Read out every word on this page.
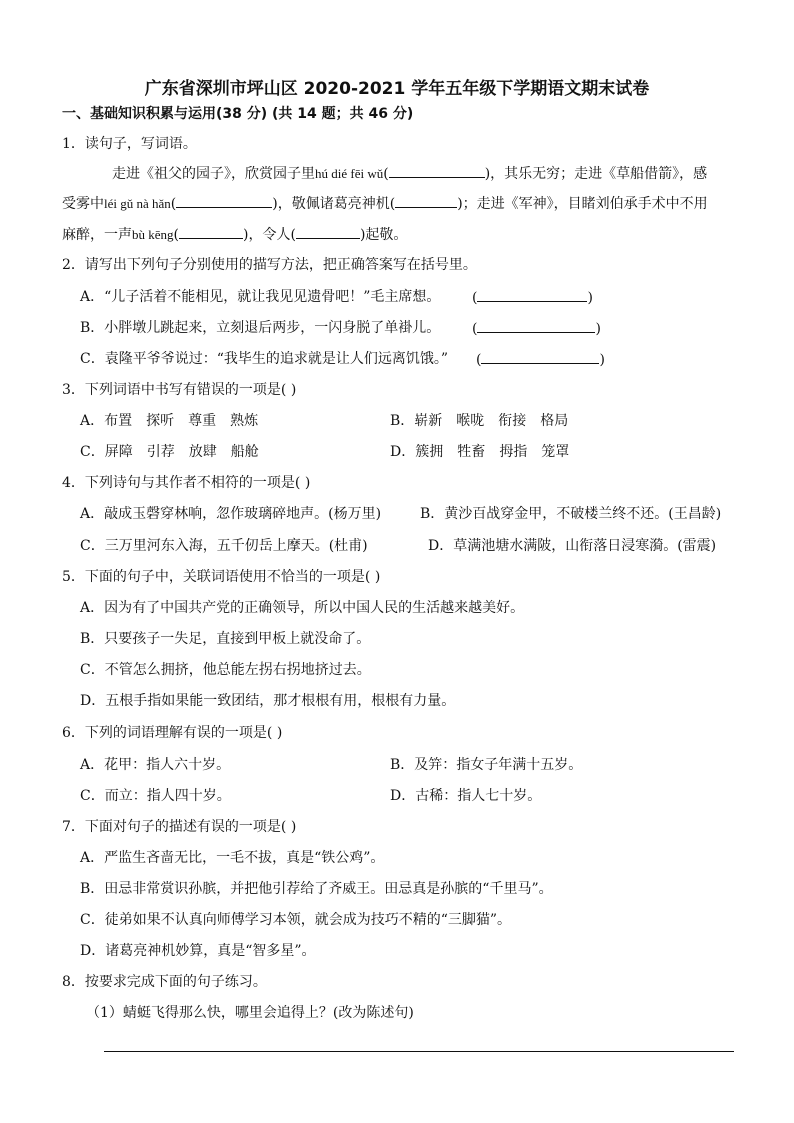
广东省深圳市坪山区 2020-2021 学年五年级下学期语文期末试卷
一、基础知识积累与运用(38 分) (共 14 题；共 46 分)
1．读句子，写词语。
走进《祖父的园子》，欣赏园子里hú dié fēi wǔ(	)，其乐无穷；走进《草船借箭》，感
受雾中léi gǔ nà hǎn(	)，敬佩诸葛亮神机(	)；走进《军神》，目睹刘伯承手术中不用
麻醉，一声bù kēng(	)，令人(	)起敬。
2．请写出下列句子分别使用的描写方法，把正确答案写在括号里。
A．“儿子活着不能相见，就让我见见遗骨吧！”毛主席想。 (	)
B．小胖墩儿跳起来，立刻退后两步，一闪身脱了单褂儿。 (	)
C．袁隆平爷爷说过：“我毕生的追求就是让人们远离饥饿。” (	)
3．下列词语中书写有错误的一项是( )
A．布置　探听　尊重　熟炼	B．崭新　喉咙　衔接　格局
C．屏障　引荐　放肆　船舱	D．簇拥　牲畜　拇指　笼罩
4．下列诗句与其作者不相符的一项是( )
A．敲成玉磬穿林响，忽作玻璃碎地声。(杨万里)	B．黄沙百战穿金甲，不破楼兰终不还。(王昌龄)
C．三万里河东入海，五千仞岳上摩天。(杜甫)	D．草满池塘水满陂，山衔落日浸寒漪。(雷震)
5．下面的句子中，关联词语使用不恰当的一项是( )
A．因为有了中国共产党的正确领导，所以中国人民的生活越来越美好。
B．只要孩子一失足，直接到甲板上就没命了。
C．不管怎么拥挤，他总能左拐右拐地挤过去。
D．五根手指如果能一致团结，那才根根有用，根根有力量。
6．下列的词语理解有误的一项是( )
A．花甲：指人六十岁。	B．及笄：指女子年满十五岁。
C．而立：指人四十岁。	D．古稀：指人七十岁。
7．下面对句子的描述有误的一项是( )
A．严监生吝啬无比，一毛不拔，真是“铁公鸡”。
B．田忌非常赏识孙膑，并把他引荐给了齐威王。田忌真是孙膑的“千里马”。
C．徒弟如果不认真向师傅学习本领，就会成为技巧不精的“三脚猫”。
D．诸葛亮神机妙算，真是“智多星”。
8．按要求完成下面的句子练习。
（1）蜻蜓飞得那么快，哪里会追得上？(改为陈述句)
